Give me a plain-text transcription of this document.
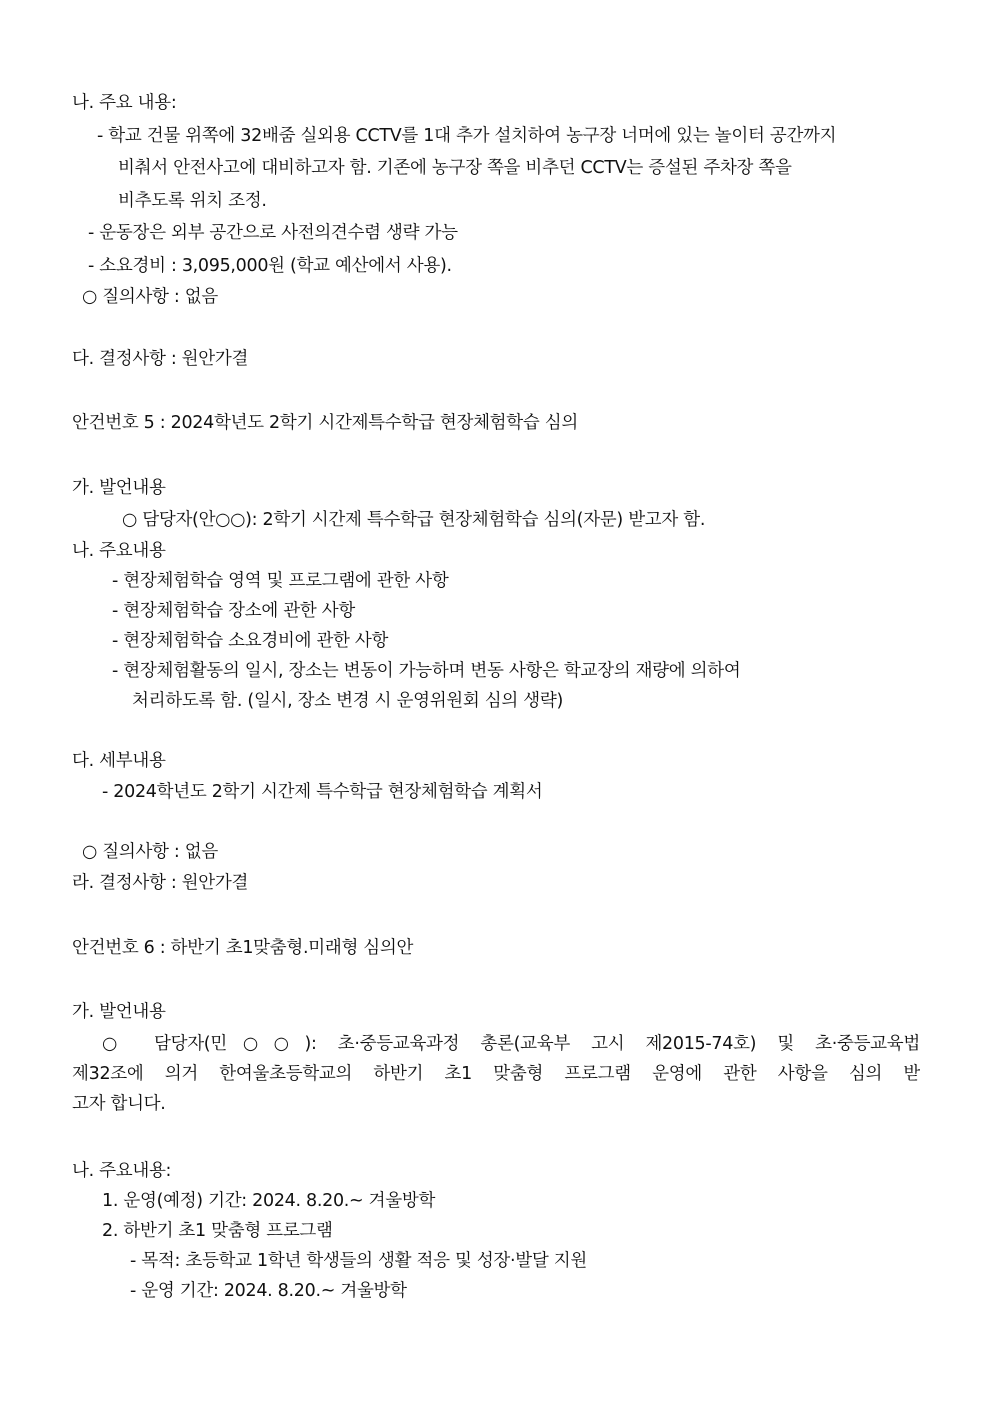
나. 주요 내용:
- 학교 건물 위쪽에 32배줌 실외용 CCTV를 1대 추가 설치하여 농구장 너머에 있는 놀이터 공간까지
비춰서 안전사고에 대비하고자 함. 기존에 농구장 쪽을 비추던 CCTV는 증설된 주차장 쪽을
비추도록 위치 조정.
- 운동장은 외부 공간으로 사전의견수렴 생략 가능
- 소요경비 : 3,095,000원 (학교 예산에서 사용).
○ 질의사항 : 없음
다. 결정사항 : 원안가결
안건번호 5 : 2024학년도 2학기 시간제특수학급 현장체험학습 심의
가. 발언내용
○ 담당자(안○○): 2학기 시간제 특수학급 현장체험학습 심의(자문) 받고자 함.
나. 주요내용
- 현장체험학습 영역 및 프로그램에 관한 사항
- 현장체험학습 장소에 관한 사항
- 현장체험학습 소요경비에 관한 사항
- 현장체험활동의 일시, 장소는 변동이 가능하며 변동 사항은 학교장의 재량에 의하여
처리하도록 함. (일시, 장소 변경 시 운영위원회 심의 생략)
다. 세부내용
- 2024학년도 2학기 시간제 특수학급 현장체험학습 계획서
○ 질의사항 : 없음
라. 결정사항 : 원안가결
안건번호 6 : 하반기 초1맞춤형.미래형 심의안
가. 발언내용

○ 담당자(민○○): 초·중등교육과정 총론(교육부 고시 제2015-74호) 및 초·중등교육법

제32조에 의거 한여울초등학교의 하반기 초1 맞춤형 프로그램 운영에 관한 사항을 심의 받

고자 합니다.

나. 주요내용:
1. 운영(예정) 기간: 2024. 8.20.~ 겨울방학
2. 하반기 초1 맞춤형 프로그램
- 목적: 초등학교 1학년 학생들의 생활 적응 및 성장·발달 지원
- 운영 기간: 2024. 8.20.~ 겨울방학
